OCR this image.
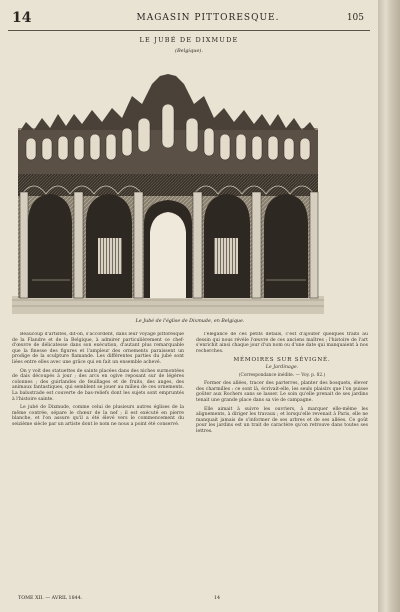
14	MAGASIN PITTORESQUE.	105
LE JUBÉ DE DIXMUDE
(Belgique).
Le Jubé de l'église de Dixmude, en Belgique.

Beaucoup d'artistes, dit-on, s'accordent, dans leur voyage pittoresque de la Flandre et de la Belgique, à admirer particulièrement ce chef-d'œuvre de délicatesse dans son exécution, d'autant plus remarquable que la finesse des figures et l'ampleur des ornements paraissent un prodige de la sculpture flamande. Les différentes parties du jubé sont liées entre elles avec une grâce qui en fait un ensemble achevé.

On y voit des statuettes de saints placées dans des niches surmontées de dais découpés à jour ; des arcs en ogive reposant sur de légères colonnes ; des guirlandes de feuillages et de fruits, des anges, des animaux fantastiques, qui semblent se jouer au milieu de ces ornements. La balustrade est couverte de bas-reliefs dont les sujets sont empruntés à l'histoire sainte.

Le jubé de Dixmude, comme celui de plusieurs autres églises de la même contrée, sépare le chœur de la nef ; il est exécuté en pierre blanche, et l'on assure qu'il a été élevé vers le commencement du seizième siècle par un artiste dont le nom ne nous a point été conservé.

l'élégance de ces petits détails, c'est d'ajouter quelques traits au dessin qui nous révèle l'œuvre de ces anciens maîtres ; l'histoire de l'art s'enrichit ainsi chaque jour d'un nom ou d'une date qui manquaient à nos recherches.

MÉMOIRES SUR SÉVIGNÉ.
Le Jardinage.
(Correspondance inédite. — Voy. p. 82.)

Former des allées, tracer des parterres, planter des bosquets, élever des charmilles : ce sont là, écrivait-elle, les seuls plaisirs que l'on puisse goûter aux Rochers sans se lasser. Le soin qu'elle prenait de ses jardins tenait une grande place dans sa vie de campagne.

Elle aimait à suivre les ouvriers, à marquer elle-même les alignements, à diriger les travaux ; et lorsqu'elle revenait à Paris, elle ne manquait jamais de s'informer de ses arbres et de ses allées. Ce goût pour les jardins est un trait de caractère qu'on retrouve dans toutes ses lettres.

TOME XII. — AVRIL 1844.	14
